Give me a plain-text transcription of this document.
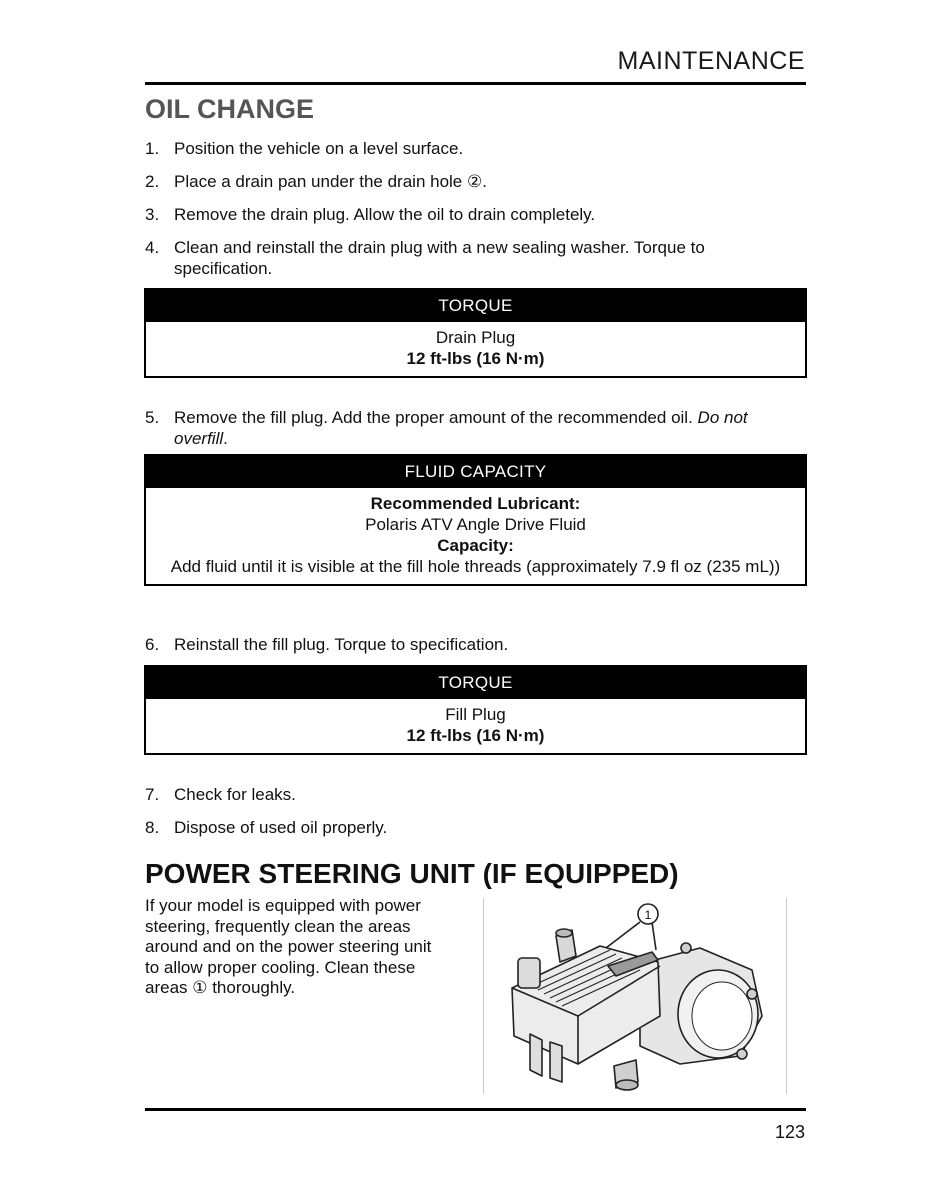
MAINTENANCE
OIL CHANGE
1. Position the vehicle on a level surface.
2. Place a drain pan under the drain hole ②.
3. Remove the drain plug. Allow the oil to drain completely.
4. Clean and reinstall the drain plug with a new sealing washer. Torque to specification.
TORQUE
Drain Plug
12 ft-lbs (16 N·m)
5. Remove the fill plug. Add the proper amount of the recommended oil. Do not overfill.
FLUID CAPACITY
Recommended Lubricant:
Polaris ATV Angle Drive Fluid
Capacity:
Add fluid until it is visible at the fill hole threads (approximately 7.9 fl oz (235 mL))
6. Reinstall the fill plug. Torque to specification.
TORQUE
Fill Plug
12 ft-lbs (16 N·m)
7. Check for leaks.
8. Dispose of used oil properly.
POWER STEERING UNIT (IF EQUIPPED)
If your model is equipped with power steering, frequently clean the areas around and on the power steering unit to allow proper cooling. Clean these areas ① thoroughly.
1
123
